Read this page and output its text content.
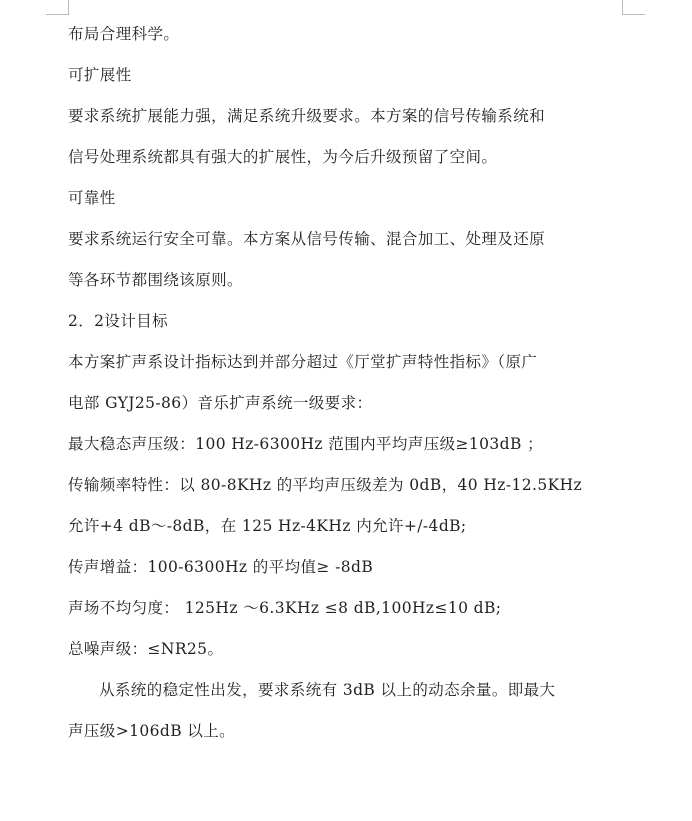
布局合理科学。
可扩展性
要求系统扩展能力强，满足系统升级要求。本方案的信号传输系统和
信号处理系统都具有强大的扩展性，为今后升级预留了空间。
可靠性
要求系统运行安全可靠。本方案从信号传输、混合加工、处理及还原
等各环节都围绕该原则。
2．2设计目标
本方案扩声系设计指标达到并部分超过《厅堂扩声特性指标》（原广
电部 GYJ25-86）音乐扩声系统一级要求：
最大稳态声压级：100 Hz-6300Hz 范围内平均声压级≥103dB ；
传输频率特性：以 80-8KHz 的平均声压级差为 0dB，40 Hz-12.5KHz
允许+4 dB～-8dB，在 125 Hz-4KHz 内允许+/-4dB;
传声增益：100-6300Hz 的平均值≥ -8dB
声场不均匀度： 125Hz ～6.3KHz ≤8 dB,100Hz≤10 dB;
总噪声级：≤NR25。
从系统的稳定性出发，要求系统有 3dB 以上的动态余量。即最大
声压级>106dB 以上。
